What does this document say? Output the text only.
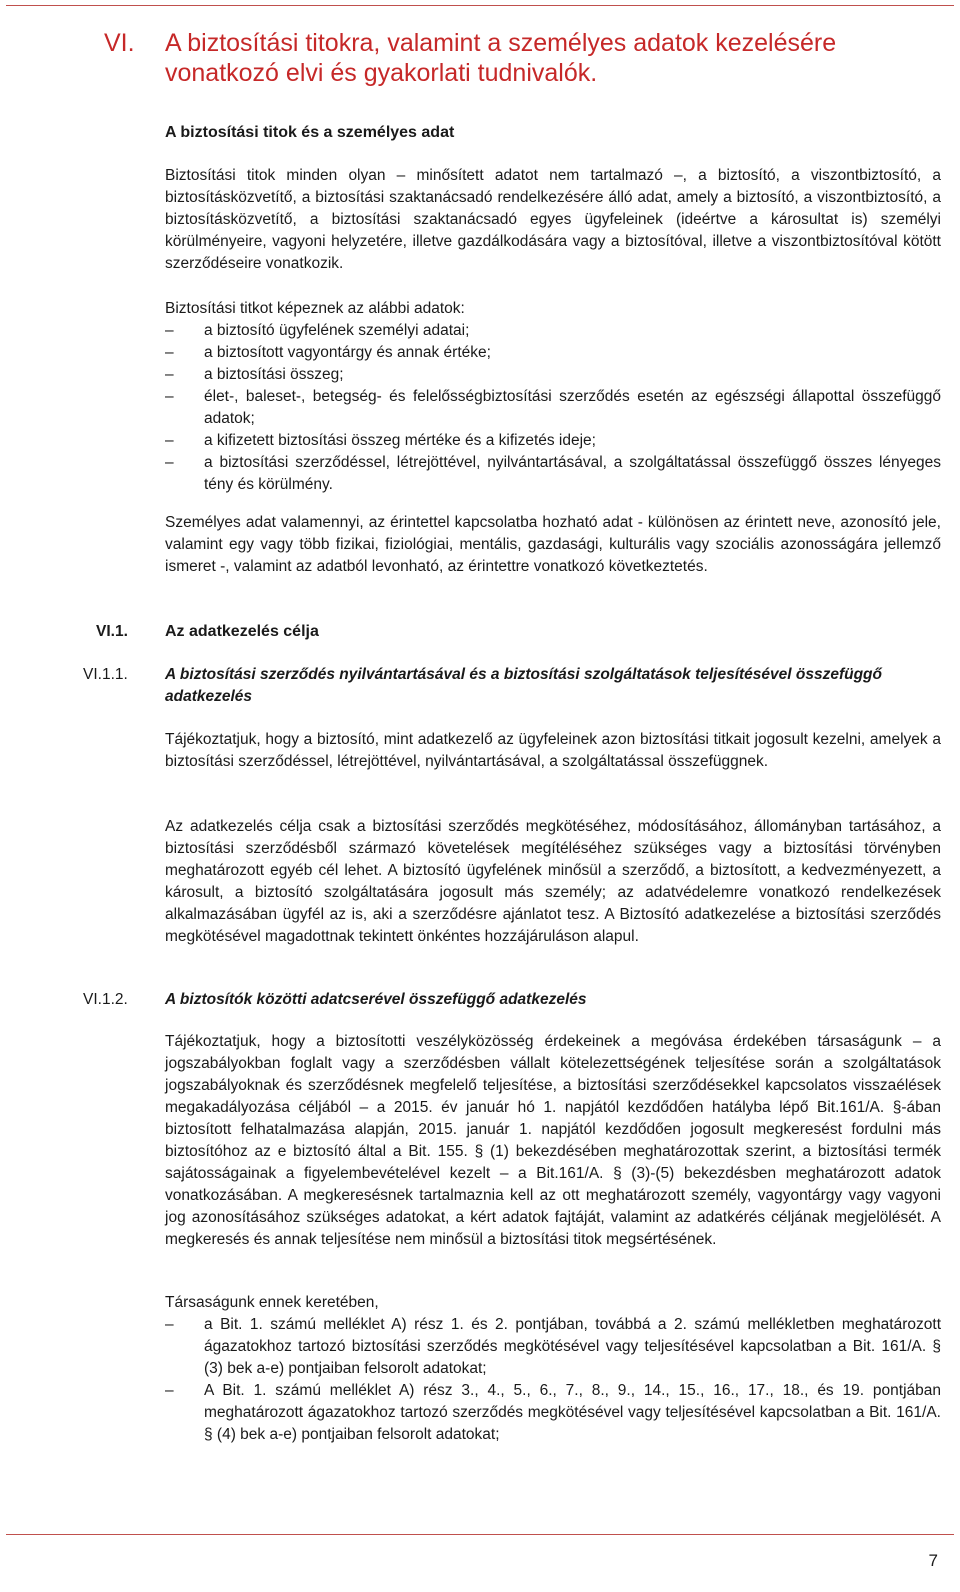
VI. A biztosítási titokra, valamint a személyes adatok kezelésére vonatkozó elvi és gyakorlati tudnivalók.
A biztosítási titok és a személyes adat

Biztosítási titok minden olyan – minősített adatot nem tartalmazó –, a biztosító, a viszontbiztosító, a biztosításközvetítő, a biztosítási szaktanácsadó rendelkezésére álló adat, amely a biztosító, a viszontbiztosító, a biztosításközvetítő, a biztosítási szaktanácsadó egyes ügyfeleinek (ideértve a károsultat is) személyi körülményeire, vagyoni helyzetére, illetve gazdálkodására vagy a biztosítóval, illetve a viszontbiztosítóval kötött szerződéseire vonatkozik.

Biztosítási titkot képeznek az alábbi adatok:

– a biztosító ügyfelének személyi adatai;
– a biztosított vagyontárgy és annak értéke;
– a biztosítási összeg;
– élet-, baleset-, betegség- és felelősségbiztosítási szerződés esetén az egészségi állapottal összefüggő adatok;
– a kifizetett biztosítási összeg mértéke és a kifizetés ideje;
– a biztosítási szerződéssel, létrejöttével, nyilvántartásával, a szolgáltatással összefüggő összes lényeges tény és körülmény.

Személyes adat valamennyi, az érintettel kapcsolatba hozható adat - különösen az érintett neve, azonosító jele, valamint egy vagy több fizikai, fiziológiai, mentális, gazdasági, kulturális vagy szociális azonosságára jellemző ismeret -, valamint az adatból levonható, az érintettre vonatkozó következtetés.

VI.1. Az adatkezelés célja
VI.1.1. A biztosítási szerződés nyilvántartásával és a biztosítási szolgáltatások teljesítésével összefüggő adatkezelés

Tájékoztatjuk, hogy a biztosító, mint adatkezelő az ügyfeleinek azon biztosítási titkait jogosult kezelni, amelyek a biztosítási szerződéssel, létrejöttével, nyilvántartásával, a szolgáltatással összefüggnek.

Az adatkezelés célja csak a biztosítási szerződés megkötéséhez, módosításához, állományban tartásához, a biztosítási szerződésből származó követelések megítéléséhez szükséges vagy a biztosítási törvényben meghatározott egyéb cél lehet. A biztosító ügyfelének minősül a szerződő, a biztosított, a kedvezményezett, a károsult, a biztosító szolgáltatására jogosult más személy; az adatvédelemre vonatkozó rendelkezések alkalmazásában ügyfél az is, aki a szerződésre ajánlatot tesz. A Biztosító adatkezelése a biztosítási szerződés megkötésével magadottnak tekintett önkéntes hozzájáruláson alapul.

VI.1.2. A biztosítók közötti adatcserével összefüggő adatkezelés

Tájékoztatjuk, hogy a biztosítotti veszélyközösség érdekeinek a megóvása érdekében társaságunk – a jogszabályokban foglalt vagy a szerződésben vállalt kötelezettségének teljesítése során a szolgáltatások jogszabályoknak és szerződésnek megfelelő teljesítése, a biztosítási szerződésekkel kapcsolatos visszaélések megakadályozása céljából – a 2015. év január hó 1. napjától kezdődően hatályba lépő Bit.161/A. §-ában biztosított felhatalmazása alapján, 2015. január 1. napjától kezdődően jogosult megkeresést fordulni más biztosítóhoz az e biztosító által a Bit. 155. § (1) bekezdésében meghatározottak szerint, a biztosítási termék sajátosságainak a figyelembevételével kezelt – a Bit.161/A. § (3)-(5) bekezdésben meghatározott adatok vonatkozásában. A megkeresésnek tartalmaznia kell az ott meghatározott személy, vagyontárgy vagy vagyoni jog azonosításához szükséges adatokat, a kért adatok fajtáját, valamint az adatkérés céljának megjelölését. A megkeresés és annak teljesítése nem minősül a biztosítási titok megsértésének.

Társaságunk ennek keretében,

– a Bit. 1. számú melléklet A) rész 1. és 2. pontjában, továbbá a 2. számú mellékletben meghatározott ágazatokhoz tartozó biztosítási szerződés megkötésével vagy teljesítésével kapcsolatban a Bit. 161/A. § (3) bek a-e) pontjaiban felsorolt adatokat;
– A Bit. 1. számú melléklet A) rész 3., 4., 5., 6., 7., 8., 9., 14., 15., 16., 17., 18., és 19. pontjában meghatározott ágazatokhoz tartozó szerződés megkötésével vagy teljesítésével kapcsolatban a Bit. 161/A. § (4) bek a-e) pontjaiban felsorolt adatokat;
7
